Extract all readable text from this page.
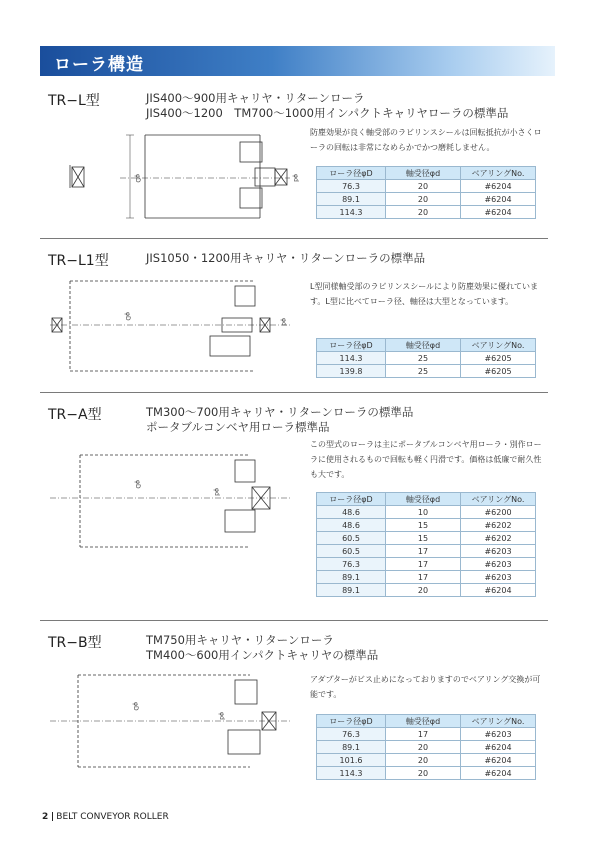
ローラ構造
TR−L型	JIS400〜900用キャリヤ・リターンローラ
JIS400〜1200　TM700〜1000用インパクトキャリヤローラの標準品
防塵効果が良く軸受部のラビリンスシールは回転抵抗が小さくローラの回転は非常になめらかでかつ磨耗しません。
φD	φd
ローラ径φD	軸受径φd	ベアリングNo.
76.3	20	#6204
89.1	20	#6204
114.3	20	#6204
TR−L1型	JIS1050・1200用キャリヤ・リターンローラの標準品
L型同様軸受部のラビリンスシールにより防塵効果に優れています。L型に比べてローラ径、軸径は大型となっています。
φD
φd
ローラ径φD	軸受径φd	ベアリングNo.
114.3	25	#6205
139.8	25	#6205
TR−A型	TM300〜700用キャリヤ・リターンローラの標準品
ポータブルコンベヤ用ローラ標準品
この型式のローラは主にポータブルコンベヤ用ローラ・別作ローラに使用されるもので回転も軽く円滑です。価格は低廉で耐久性も大です。
φD
φd
ローラ径φD	軸受径φd	ベアリングNo.
48.6	10	#6200
48.6	15	#6202
60.5	15	#6202
60.5	17	#6203
76.3	17	#6203
89.1	17	#6203
89.1	20	#6204
TR−B型	TM750用キャリヤ・リターンローラ
TM400〜600用インパクトキャリヤの標準品
アダプターがビス止めになっておりますのでベアリング交換が可能です。
φD
φd
ローラ径φD	軸受径φd	ベアリングNo.
76.3	17	#6203
89.1	20	#6204
101.6	20	#6204
114.3	20	#6204
2 BELT CONVEYOR ROLLER
